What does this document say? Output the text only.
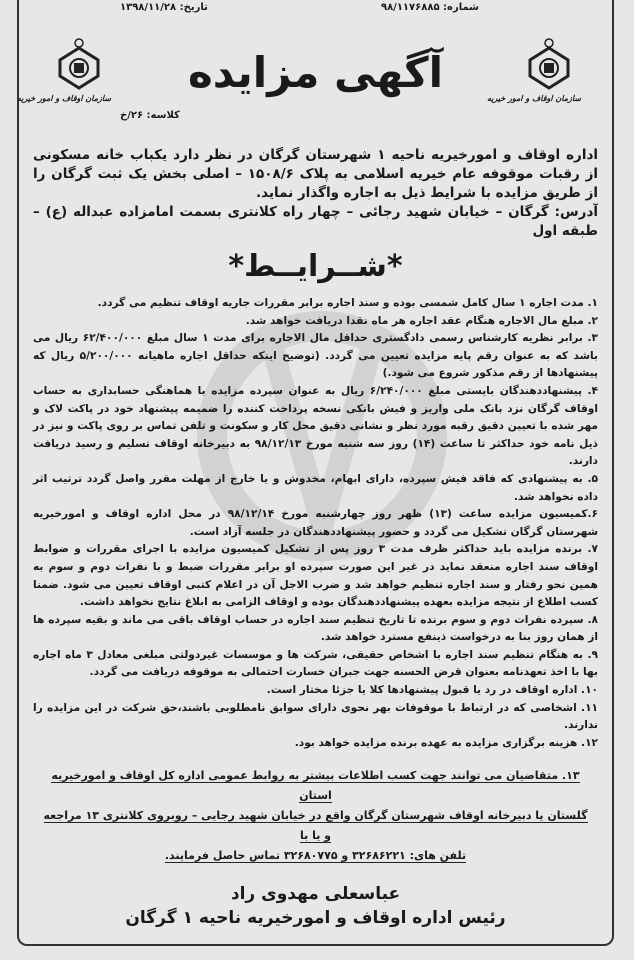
شماره: ۹۸/۱۱۷۶۸۸۵
تاریخ: ۱۳۹۸/۱۱/۲۸
سازمان اوقاف و امور خیریه
سازمان اوقاف و امور خیریه
آگهی مزایده
کلاسه: ۲۶/خ
اداره اوقاف و امورخیریه ناحیه ۱ شهرستان گرگان در نظر دارد یکباب خانه مسکونی از رقبات موقوفه عام خیریه اسلامی به پلاک ۱۵۰۸/۶ – اصلی بخش یک ثبت گرگان را از طریق مزایده با شرایط ذیل به اجاره واگذار نماید.
آدرس: گرگان – خیابان شهید رجائی – چهار راه کلانتری بسمت امامزاده عبداله (ع) – طبقه اول
*شــرایــط*

۱. مدت اجاره ۱ سال کامل شمسی بوده و سند اجاره برابر مقررات جاریه اوقاف تنظیم می گردد.

۲. مبلغ مال الاجاره هنگام عقد اجاره هر ماه نقدا دریافت خواهد شد.

۳. برابر نظریه کارشناس رسمی دادگستری حداقل مال الاجاره برای مدت ۱ سال مبلغ ۶۲/۴۰۰/۰۰۰ ریال می باشد که به عنوان رقم پایه مزایده تعیین می گردد. (توضیح اینکه حداقل اجاره ماهیانه ۵/۲۰۰/۰۰۰ ریال که پیشنهادها از رقم مذکور شروع می شود.)

۴. پیشنهاددهندگان بایستی مبلغ ۶/۲۴۰/۰۰۰ ریال به عنوان سپرده مزایده با هماهنگی حسابداری به حساب اوقاف گرگان نزد بانک ملی واریز و فیش بانکی نسخه پرداخت کننده را ضمیمه پیشنهاد خود در پاکت لاک و مهر شده با تعیین دقیق رقبه مورد نظر و نشانی دقیق محل کار و سکونت و تلفن تماس بر روی پاکت و نیز در ذیل نامه خود حداکثر تا ساعت (۱۴) روز سه شنبه مورخ ۹۸/۱۲/۱۳ به دبیرخانه اوقاف تسلیم و رسید دریافت دارند.

۵. به پیشنهادی که فاقد فیش سپرده، دارای ابهام، مخدوش و یا خارج از مهلت مقرر واصل گردد ترتیب اثر داده نخواهد شد.

۶.کمیسیون مزایده ساعت (۱۳) ظهر روز چهارشنبه مورخ ۹۸/۱۲/۱۴ در محل اداره اوقاف و امورخیریه شهرستان گرگان تشکیل می گردد و حضور پیشنهاددهندگان در جلسه آزاد است.

۷. برنده مزایده باید حداکثر ظرف مدت ۳ روز پس از تشکیل کمیسیون مزایده با اجرای مقررات و ضوابط اوقاف سند اجاره منعقد نماید در غیر این صورت سپرده او برابر مقررات ضبط و با نفرات دوم و سوم به همین نحو رفتار و سند اجاره تنظیم خواهد شد و ضرب الاجل آن در اعلام کتبی اوقاف تعیین می شود. ضمنا کسب اطلاع از نتیجه مزایده بعهده پیشنهاددهندگان بوده و اوقاف الزامی به ابلاغ نتایج نخواهد داشت.

۸. سپرده نفرات دوم و سوم برنده تا تاریخ تنظیم سند اجاره در حساب اوقاف باقی می ماند و بقیه سپرده ها از همان روز بنا به درخواست ذینفع مسترد خواهد شد.

۹. به هنگام تنظیم سند اجاره با اشخاص حقیقی، شرکت ها و موسسات غیردولتی مبلغی معادل ۳ ماه اجاره بها با اخذ تعهدنامه بعنوان قرض الحسنه جهت جبران خسارت احتمالی به موقوفه دریافت می گردد.

۱۰. اداره اوقاف در رد یا قبول پیشنهادها کلا یا جزئا مختار است.

۱۱. اشخاصی که در ارتباط با موقوفات بهر نحوی دارای سوابق نامطلوبی باشند،حق شرکت در این مزایده را ندارند.

۱۲. هزینه برگزاری مزایده به عهده برنده مزایده خواهد بود.

۱۳. متقاضیان می توانند جهت کسب اطلاعات بیشتر به روابط عمومی اداره کل اوقاف و امورخیریه استان
گلستان یا دبیرخانه اوقاف شهرستان گرگان واقع در خیابان شهید رجایی – روبروی کلانتری ۱۳ مراجعه و یا با
تلفن های: ۳۲۶۸۶۲۲۱ و ۳۲۶۸۰۷۷۵ تماس حاصل فرمایند.
عباسعلی مهدوی راد
رئیس اداره اوقاف و امورخیریه ناحیه ۱ گرگان
